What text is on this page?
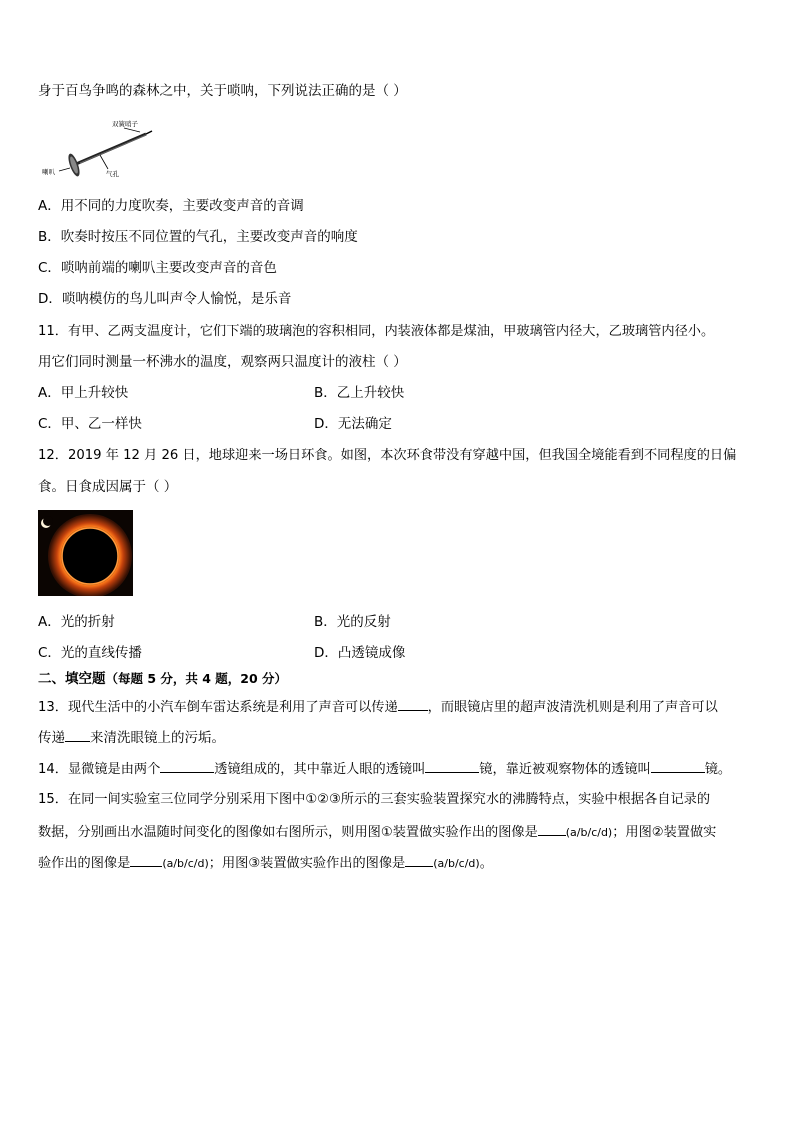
身于百鸟争鸣的森林之中，关于唢呐，下列说法正确的是（ ）
双簧哨子
喇叭	气孔
A．用不同的力度吹奏，主要改变声音的音调
B．吹奏时按压不同位置的气孔，主要改变声音的响度
C．唢呐前端的喇叭主要改变声音的音色
D．唢呐模仿的鸟儿叫声令人愉悦，是乐音
11．有甲、乙两支温度计，它们下端的玻璃泡的容积相同，内装液体都是煤油，甲玻璃管内径大，乙玻璃管内径小。
用它们同时测量一杯沸水的温度，观察两只温度计的液柱（ ）
A．甲上升较快	B．乙上升较快
C．甲、乙一样快	D．无法确定
12．2019 年 12 月 26 日，地球迎来一场日环食。如图，本次环食带没有穿越中国，但我国全境能看到不同程度的日偏
食。日食成因属于（ ）
A．光的折射	B．光的反射
C．光的直线传播	D．凸透镜成像
二、填空题（每题 5 分，共 4 题，20 分）
13．现代生活中的小汽车倒车雷达系统是利用了声音可以传递 ，而眼镜店里的超声波清洗机则是利用了声音可以
传递 来清洗眼镜上的污垢。
14．显微镜是由两个	透镜组成的，其中靠近人眼的透镜叫	镜，靠近被观察物体的透镜叫	镜。
15．在同一间实验室三位同学分别采用下图中①②③所示的三套实验装置探究水的沸腾特点，实验中根据各自记录的
数据，分别画出水温随时间变化的图像如右图所示，则用图①装置做实验作出的图像是	(a/b/c/d)；用图②装置做实
验作出的图像是	(a/b/c/d)；用图③装置做实验作出的图像是	(a/b/c/d)。
